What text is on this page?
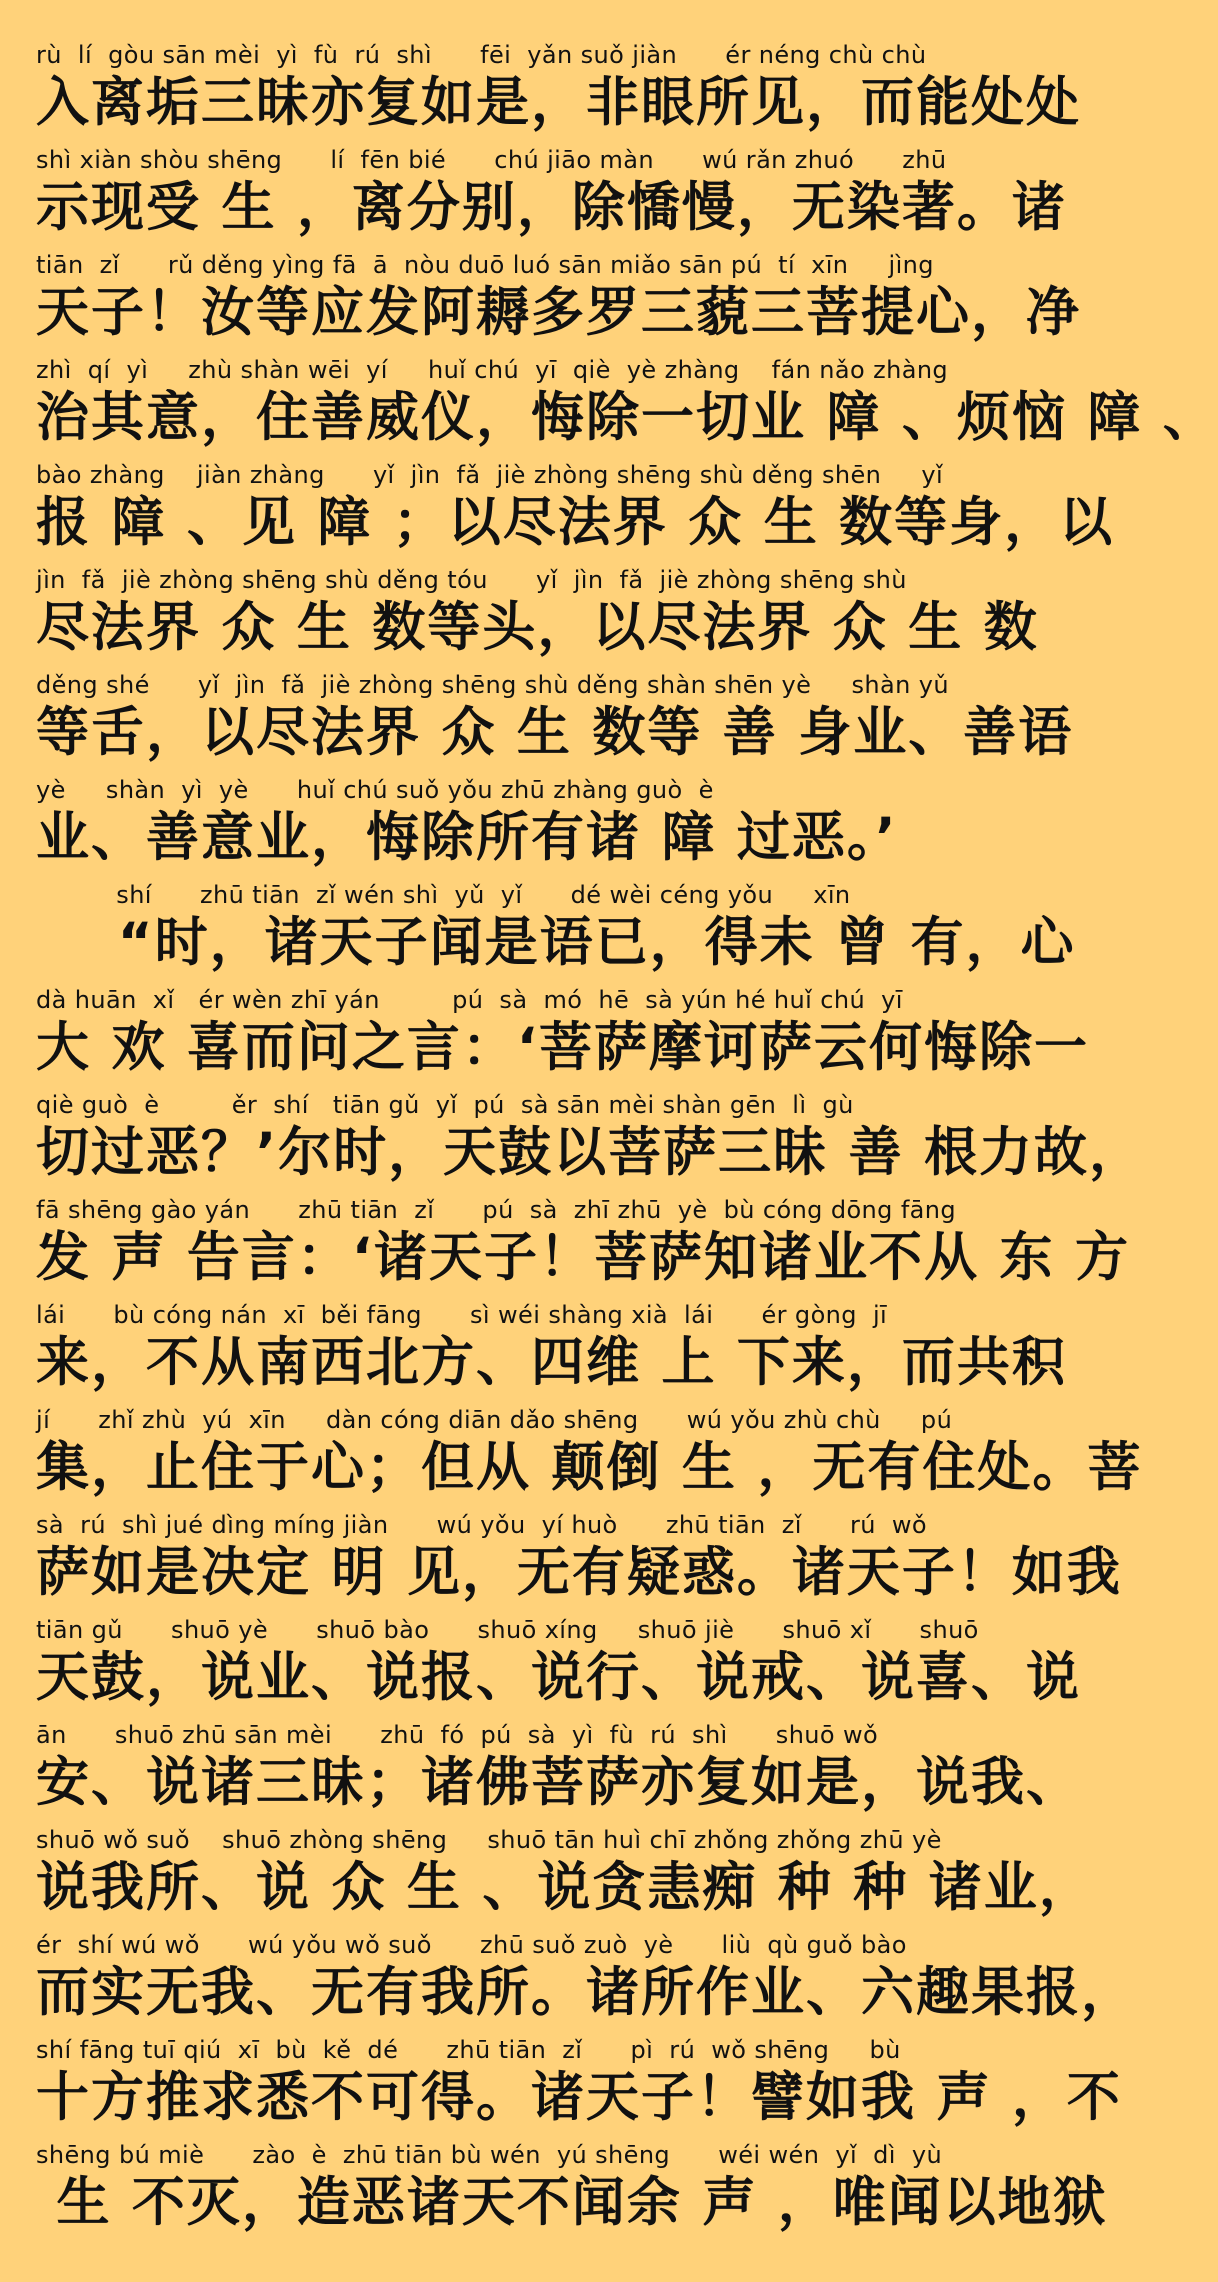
rù  lí  gòu sān mèi  yì  fù  rú  shì      fēi  yǎn suǒ jiàn      ér néng chù chù
入离垢三昧亦复如是，非眼所见，而能处处
shì xiàn shòu shēng      lí  fēn bié      chú jiāo màn      wú rǎn zhuó      zhū
示现受 生 ，离分别，除憍慢，无染著。诸
tiān  zǐ      rǔ děng yìng fā  ā  nòu duō luó sān miǎo sān pú  tí  xīn     jìng
天子！汝等应发阿耨多罗三藐三菩提心，净
zhì  qí  yì     zhù shàn wēi  yí     huǐ chú  yī  qiè  yè zhàng    fán nǎo zhàng
治其意，住善威仪，悔除一切业 障 、烦恼 障 、
bào zhàng    jiàn zhàng      yǐ  jìn  fǎ  jiè zhòng shēng shù děng shēn     yǐ
报 障 、见 障 ；以尽法界 众 生 数等身，以
jìn  fǎ  jiè zhòng shēng shù děng tóu      yǐ  jìn  fǎ  jiè zhòng shēng shù
尽法界 众 生 数等头，以尽法界 众 生 数
děng shé      yǐ  jìn  fǎ  jiè zhòng shēng shù děng shàn shēn yè     shàn yǔ
等舌，以尽法界 众 生 数等 善 身业、善语
yè     shàn  yì  yè      huǐ chú suǒ yǒu zhū zhàng guò  è
业、善意业，悔除所有诸 障 过恶。’
shí      zhū tiān  zǐ wén shì  yǔ  yǐ      dé wèi céng yǒu     xīn
“时，诸天子闻是语已，得未 曾 有，心
dà huān  xǐ   ér wèn zhī yán         pú  sà  mó  hē  sà yún hé huǐ chú  yī
大 欢 喜而问之言：‘菩萨摩诃萨云何悔除一
qiè guò  è         ěr  shí   tiān gǔ  yǐ  pú  sà sān mèi shàn gēn  lì  gù
切过恶？’尔时，天鼓以菩萨三昧 善 根力故，
fā shēng gào yán      zhū tiān  zǐ      pú  sà  zhī zhū  yè  bù cóng dōng fāng
发 声 告言：‘诸天子！菩萨知诸业不从 东 方
lái      bù cóng nán  xī  běi fāng      sì wéi shàng xià  lái      ér gòng  jī
来，不从南西北方、四维 上 下来，而共积
jí      zhǐ zhù  yú  xīn     dàn cóng diān dǎo shēng      wú yǒu zhù chù     pú
集，止住于心；但从 颠倒 生 ，无有住处。菩
sà  rú  shì jué dìng míng jiàn      wú yǒu  yí huò      zhū tiān  zǐ      rú  wǒ
萨如是决定 明 见，无有疑惑。诸天子！如我
tiān gǔ      shuō yè      shuō bào      shuō xíng     shuō jiè      shuō xǐ      shuō
天鼓，说业、说报、说行、说戒、说喜、说
ān      shuō zhū sān mèi      zhū  fó  pú  sà  yì  fù  rú  shì      shuō wǒ
安、说诸三昧；诸佛菩萨亦复如是，说我、
shuō wǒ suǒ    shuō zhòng shēng     shuō tān huì chī zhǒng zhǒng zhū yè
说我所、说 众 生 、说贪恚痴 种 种 诸业，
ér  shí wú wǒ      wú yǒu wǒ suǒ      zhū suǒ zuò  yè      liù  qù guǒ bào
而实无我、无有我所。诸所作业、六趣果报，
shí fāng tuī qiú  xī  bù  kě  dé      zhū tiān  zǐ      pì  rú  wǒ shēng     bù
十方推求悉不可得。诸天子！譬如我 声 ，不
shēng bú miè      zào  è  zhū tiān bù wén  yú shēng      wéi wén  yǐ  dì  yù
生 不灭，造恶诸天不闻余 声 ，唯闻以地狱
